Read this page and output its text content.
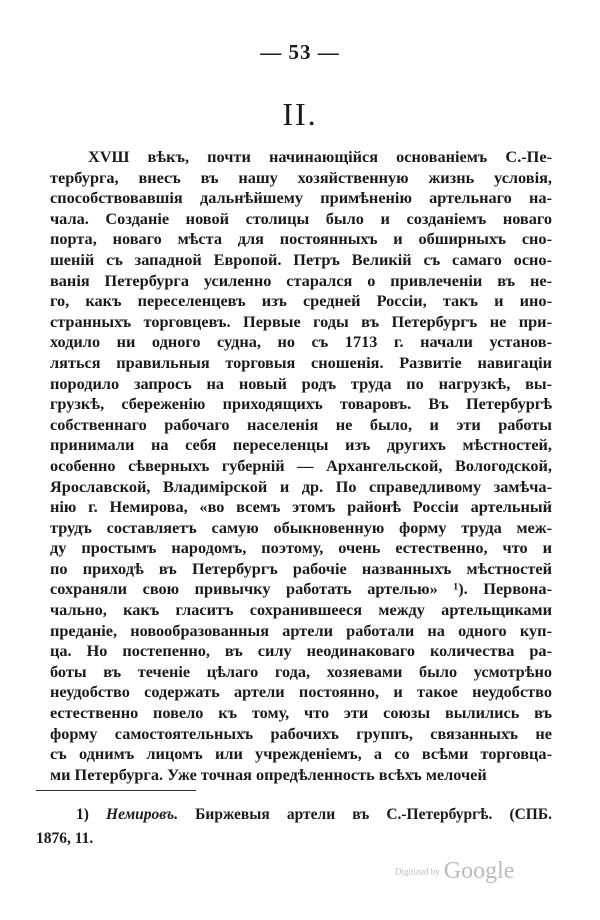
— 53 —
II.
XVШ вѣкъ, почти начинающійся основаніемъ С.-Пе-
тербурга, внесъ въ нашу хозяйственную жизнь условія,
способствовавшія дальнѣйшему примѣненію артельнаго на-
чала. Созданіе новой столицы было и созданіемъ новаго
порта, новаго мѣста для постоянныхъ и обширныхъ сно-
шеній съ западной Европой. Петръ Великій съ самаго осно-
ванія Петербурга усиленно старался о привлеченіи въ не-
го, какъ переселенцевъ изъ средней Россіи, такъ и ино-
странныхъ торговцевъ. Первые годы въ Петербургъ не при-
ходило ни одного судна, но съ 1713 г. начали установ-
ляться правильныя торговыя сношенія. Развитіе навигаціи
породило запросъ на новый родъ труда по нагрузкѣ, вы-
грузкѣ, сбереженію приходящихъ товаровъ. Въ Петербургѣ
собственнаго рабочаго населенія не было, и эти работы
принимали на себя переселенцы изъ другихъ мѣстностей,
особенно сѣверныхъ губерній — Архангельской, Вологодской,
Ярославской, Владимірской и др. По справедливому замѣча-
нію г. Немирова, «во всемъ этомъ районѣ Россіи артельный
трудъ составляетъ самую обыкновенную форму труда меж-
ду простымъ народомъ, поэтому, очень естественно, что и
по приходѣ въ Петербургъ рабочіе названныхъ мѣстностей
сохраняли свою привычку работать артелью» ¹). Первона-
чально, какъ гласитъ сохранившееся между артельщиками
преданіе, новообразованныя артели работали на одного куп-
ца. Но постепенно, въ силу неодинаковаго количества ра-
боты въ теченіе цѣлаго года, хозяевами было усмотрѣно
неудобство содержать артели постоянно, и такое неудобство
естественно повело къ тому, что эти союзы вылились въ
форму самостоятельныхъ рабочихъ группъ, связанныхъ не
съ однимъ лицомъ или учрежденіемъ, а со всѣми торговца-
ми Петербурга. Уже точная опредѣленность всѣхъ мелочей
1) Немировъ. Биржевыя артели въ С.-Петербургѣ. (СПБ.
1876, 11.
Digitized by Google
